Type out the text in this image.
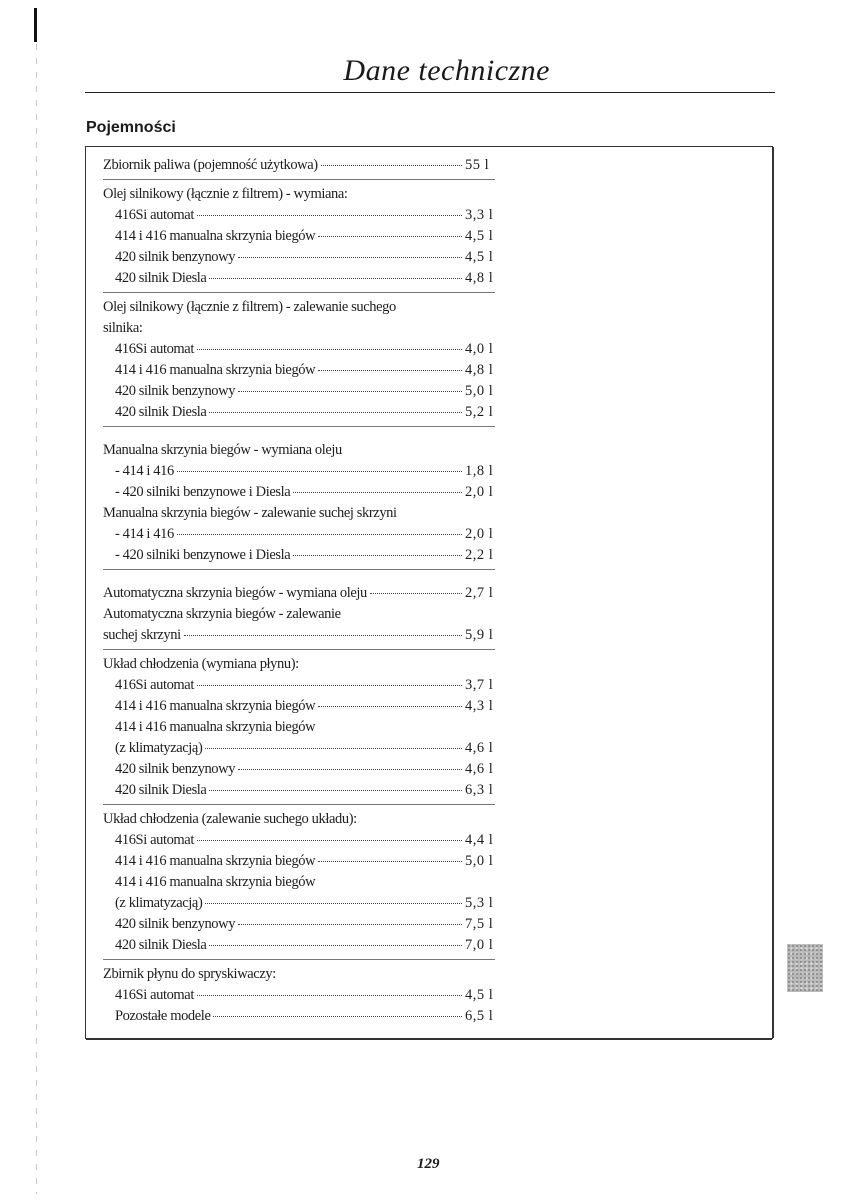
Dane techniczne
Pojemności
Zbiornik paliwa (pojemność użytkowa)	55 l
Olej silnikowy (łącznie z filtrem) - wymiana:
416Si automat	3,3 l
414 i 416 manualna skrzynia biegów	4,5 l
420 silnik benzynowy	4,5 l
420 silnik Diesla	4,8 l
Olej silnikowy (łącznie z filtrem) - zalewanie suchego
silnika:
416Si automat	4,0 l
414 i 416 manualna skrzynia biegów	4,8 l
420 silnik benzynowy	5,0 l
420 silnik Diesla	5,2 l
Manualna skrzynia biegów - wymiana oleju
- 414 i 416	1,8 l
- 420 silniki benzynowe i Diesla	2,0 l
Manualna skrzynia biegów - zalewanie suchej skrzyni
- 414 i 416	2,0 l
- 420 silniki benzynowe i Diesla	2,2 l
Automatyczna skrzynia biegów - wymiana oleju	2,7 l
Automatyczna skrzynia biegów - zalewanie
suchej skrzyni	5,9 l
Układ chłodzenia (wymiana płynu):
416Si automat	3,7 l
414 i 416 manualna skrzynia biegów	4,3 l
414 i 416 manualna skrzynia biegów
(z klimatyzacją)	4,6 l
420 silnik benzynowy	4,6 l
420 silnik Diesla	6,3 l
Układ chłodzenia (zalewanie suchego układu):
416Si automat	4,4 l
414 i 416 manualna skrzynia biegów	5,0 l
414 i 416 manualna skrzynia biegów
(z klimatyzacją)	5,3 l
420 silnik benzynowy	7,5 l
420 silnik Diesla	7,0 l
Zbirnik płynu do spryskiwaczy:
416Si automat	4,5 l
Pozostałe modele	6,5 l
129
